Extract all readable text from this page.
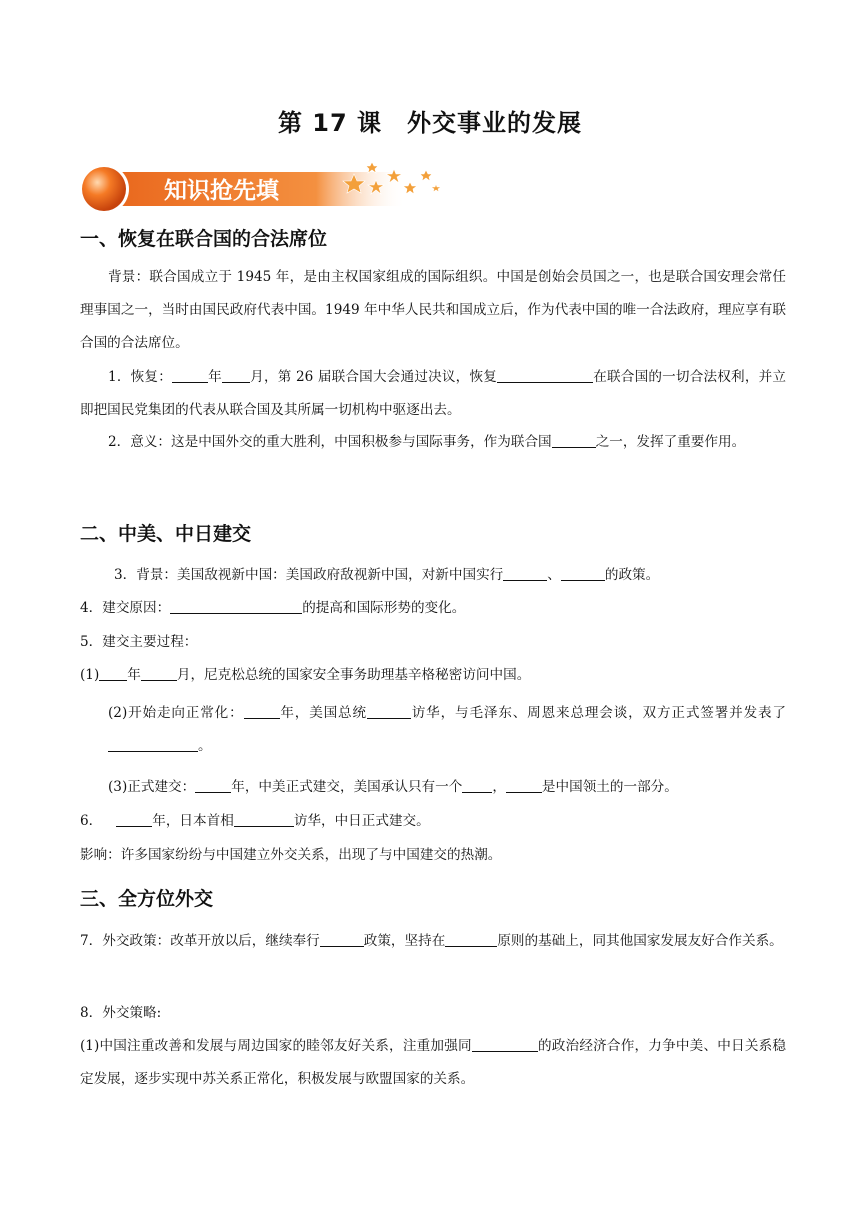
第 17 课　外交事业的发展
知识抢先填
一、恢复在联合国的合法席位
背景：联合国成立于 1945 年，是由主权国家组成的国际组织。中国是创始会员国之一，也是联合国安理会常任理事国之一，当时由国民政府代表中国。1949 年中华人民共和国成立后，作为代表中国的唯一合法政府，理应享有联合国的合法席位。
1．恢复：	年 月，第 26 届联合国大会通过决议，恢复	在联合国的一切合法权利，并立即把国民党集团的代表从联合国及其所属一切机构中驱逐出去。
2．意义：这是中国外交的重大胜利，中国积极参与国际事务，作为联合国	之一，发挥了重要作用。
二、中美、中日建交
3．背景：美国敌视新中国：美国政府敌视新中国，对新中国实行	、	的政策。
4．建交原因：	的提高和国际形势的变化。
5．建交主要过程：
(1) 年	月，尼克松总统的国家安全事务助理基辛格秘密访问中国。
(2)开始走向正常化：	年，美国总统	访华，与毛泽东、周恩来总理会谈，双方正式签署并发表了。
(3)正式建交：	年，中美正式建交，美国承认只有一个 ，	是中国领土的一部分。
6．	年，日本首相	访华，中日正式建交。
影响：许多国家纷纷与中国建立外交关系，出现了与中国建交的热潮。
三、全方位外交
7．外交政策：改革开放以后，继续奉行	政策，坚持在	原则的基础上，同其他国家发展友好合作关系。
8．外交策略:
(1)中国注重改善和发展与周边国家的睦邻友好关系，注重加强同	的政治经济合作，力争中美、中日关系稳定发展，逐步实现中苏关系正常化，积极发展与欧盟国家的关系。
